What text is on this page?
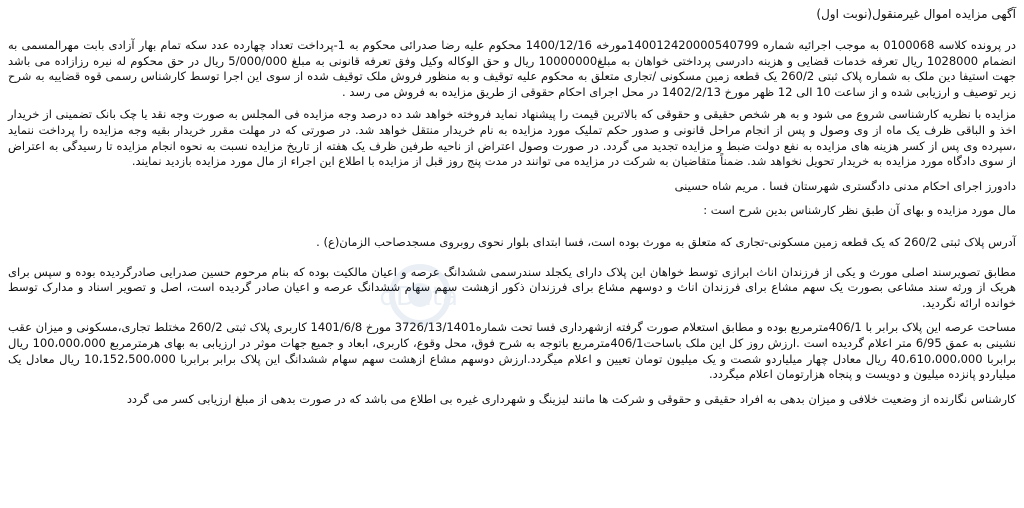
dData
آگهی مزایده اموال غیرمنقول(نوبت اول)

در پرونده کلاسه 0100068 به موجب اجرائیه شماره 140012420000540799مورخه 1400/12/16 محکوم علیه رضا صدرائی محکوم به 1-پرداخت تعداد چهارده عدد سکه تمام بهار آزادی بابت مهرالمسمی به انضمام 1028000 ریال تعرفه خدمات قضایی و هزینه دادرسی پرداختی خواهان به مبلغ10000000 ریال و حق الوکاله وکیل وفق تعرفه قانونی به مبلغ 5/000/000 ریال در حق محکوم له نیره رزازاده می باشد جهت استیفا دین ملک به شماره پلاک ثبتی 260/2 یک قطعه زمین مسکونی /تجاری متعلق به محکوم علیه توقیف و به منظور فروش ملک توقیف شده از سوی این اجرا توسط کارشناس رسمی قوه قضاییه به شرح زیر توصیف و ارزیابی شده و از ساعت 10 الی 12 ظهر مورخ 1402/2/13 در محل اجرای احکام حقوقی از طریق مزایده به فروش می رسد .

مزایده با نظریه کارشناسی شروع می شود و به هر شخص حقیقی و حقوقی که بالاترین قیمت را پیشنهاد نماید فروخته خواهد شد ده درصد وجه مزایده فی المجلس به صورت وجه نقد یا چک بانک تضمینی از خریدار اخذ و الباقی ظرف یک ماه از وی وصول و پس از انجام مراحل قانونی و صدور حکم تملیک مورد مزایده به نام خریدار منتقل خواهد شد. در صورتی که در مهلت مقرر خریدار بقیه وجه مزایده را پرداخت ننماید ،سپرده وی پس از کسر هزینه های مزایده به نفع دولت ضبط و مزایده تجدید می گردد. در صورت وصول اعتراض از ناحیه طرفین ظرف یک هفته از تاریخ مزایده نسبت به نحوه انجام مزایده تا رسیدگی به اعتراض از سوی دادگاه مورد مزایده به خریدار تحویل نخواهد شد. ضمناً متقاضیان به شرکت در مزایده می توانند در مدت پنج روز قبل از مزایده با اطلاع این اجراء از مال مورد مزایده بازدید نمایند.

دادورز اجرای احکام مدنی دادگستری شهرستان فسا . مریم شاه حسینی

مال مورد مزایده و بهای آن طبق نظر کارشناس بدین شرح است :

آدرس پلاک ثبتی 260/2 که یک قطعه زمین مسکونی-تجاری که متعلق به مورث بوده است، فسا ابتدای بلوار نحوی روبروی مسجدصاحب الزمان(ع) .

مطابق تصویرسند اصلی مورث و یکی از فرزندان اناث ابرازی توسط خواهان این پلاک دارای یکجلد سندرسمی ششدانگ عرصه و اعیان مالکیت بوده که بنام مرحوم حسین صدرایی صادرگردیده بوده و سپس برای هریک از ورثه سند مشاعی بصورت یک سهم مشاع برای فرزندان اناث و دوسهم مشاع برای فرزندان ذکور ازهشت سهم سهام ششدانگ عرصه و اعیان صادر گردیده است، اصل و تصویر اسناد و مدارک توسط خوانده ارائه نگردید.

مساحت عرصه این پلاک برابر با 406/1مترمربع بوده و مطابق استعلام صورت گرفته ازشهرداری فسا تحت شماره3726/13/1401 مورخ 1401/6/8 کاربری پلاک ثبتی 260/2 مختلط تجاری،مسکونی و میزان عقب نشینی به عمق 6/95 متر اعلام گردیده است .ارزش روز کل این ملک باساحت406/1مترمربع باتوجه به شرح فوق، محل وقوع، کاربری، ابعاد و جمیع جهات موثر در ارزیابی به بهای هرمترمربع 100،000،000 ریال برابربا 40،610،000،000 ریال معادل چهار میلیاردو شصت و یک میلیون تومان تعیین و اعلام میگردد.ارزش دوسهم مشاع ازهشت سهم سهام ششدانگ این پلاک برابر برابربا 10،152،500،000 ریال معادل یک میلیاردو پانزده میلیون و دویست و پنجاه هزارتومان اعلام میگردد.

کارشناس نگارنده از وضعیت خلافی و میزان بدهی به افراد حقیقی و حقوقی و شرکت ها مانند لیزینگ و شهرداری غیره بی اطلاع می باشد که در صورت بدهی از مبلغ ارزیابی کسر می گردد
